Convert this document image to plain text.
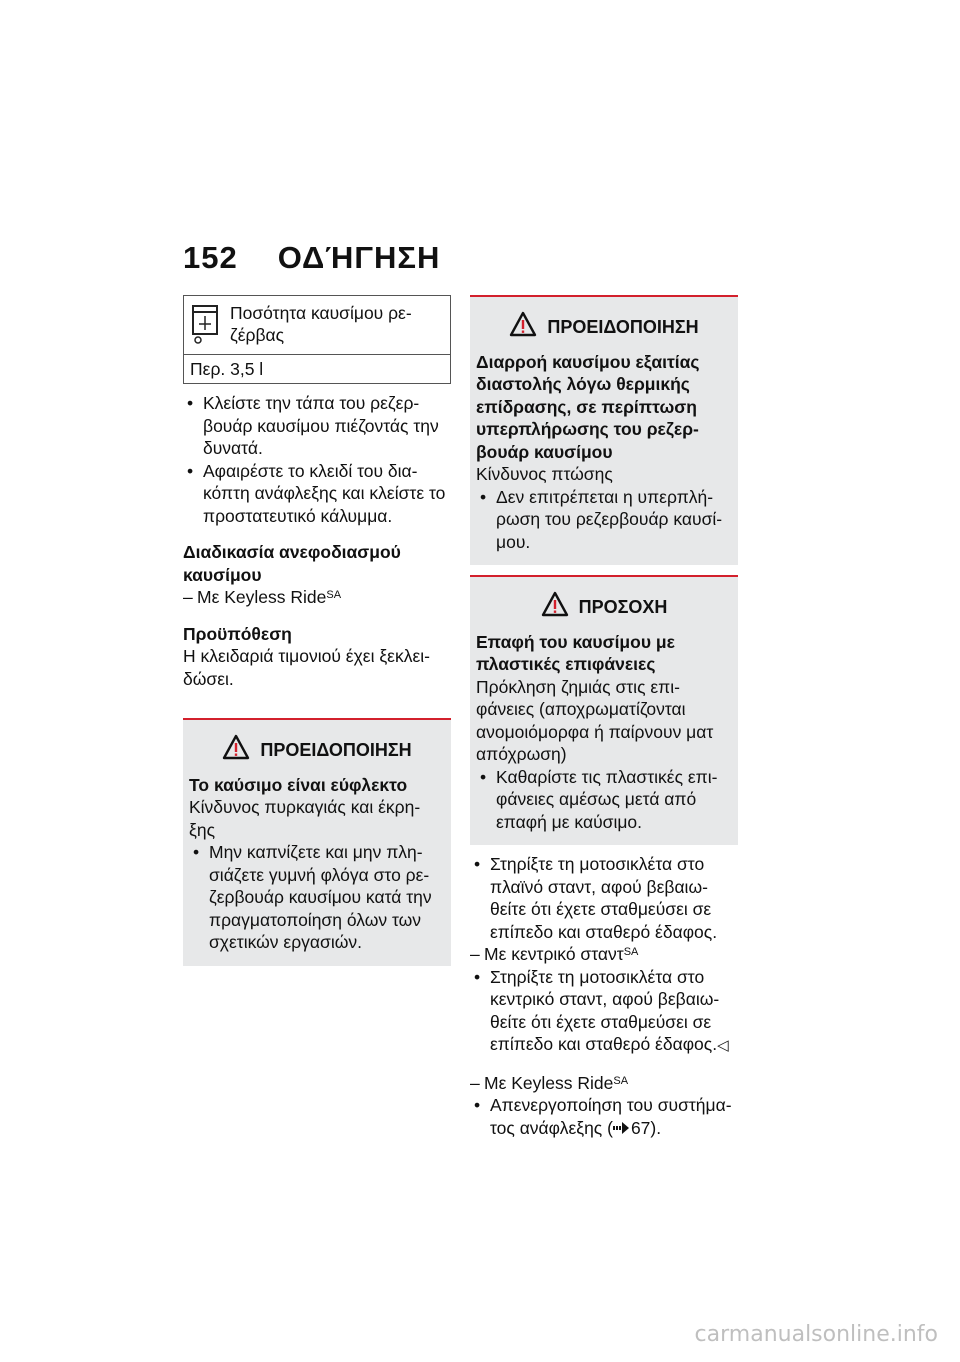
152 ΟΔΉΓΗΣΗ
Ποσότητα καυσίμου ρε-
ζέρβας
Περ. 3,5 l
• Κλείστε την τάπα του ρεζερ-βουάρ καυσίμου πιέζοντάς την δυνατά.
• Αφαιρέστε το κλειδί του δια-κόπτη ανάφλεξης και κλείστε το προστατευτικό κάλυμμα.
Διαδικασία ανεφοδιασμού καυσίμου
– Με Keyless Ride$^{SA}$
Προϋπόθεση
Η κλειδαριά τιμονιού έχει ξεκλει-δώσει.
ΠΡΟΕΙΔΟΠΟΙΗΣΗ
Το καύσιμο είναι εύφλεκτο
Κίνδυνος πυρκαγιάς και έκρη-ξης
• Μην καπνίζετε και μην πλη-σιάζετε γυμνή φλόγα στο ρε-ζερβουάρ καυσίμου κατά την πραγματοποίηση όλων των σχετικών εργασιών.
ΠΡΟΕΙΔΟΠΟΙΗΣΗ
Διαρροή καυσίμου εξαιτίας διαστολής λόγω θερμικής επίδρασης, σε περίπτωση υπερπλήρωσης του ρεζερ-βουάρ καυσίμου
Κίνδυνος πτώσης
• Δεν επιτρέπεται η υπερπλή-ρωση του ρεζερβουάρ καυσί-μου.
ΠΡΟΣΟΧΗ
Επαφή του καυσίμου με πλαστικές επιφάνειες
Πρόκληση ζημιάς στις επι-φάνειες (αποχρωματίζονται ανομοιόμορφα ή παίρνουν ματ απόχρωση)
• Καθαρίστε τις πλαστικές επι-φάνειες αμέσως μετά από επαφή με καύσιμο.
• Στηρίξτε τη μοτοσικλέτα στο πλαϊνό σταντ, αφού βεβαιω-θείτε ότι έχετε σταθμεύσει σε επίπεδο και σταθερό έδαφος.
– Με κεντρικό σταντ$^{SA}$
• Στηρίξτε τη μοτοσικλέτα στο κεντρικό σταντ, αφού βεβαιω-θείτε ότι έχετε σταθμεύσει σε επίπεδο και σταθερό έδαφος.◁
– Με Keyless Ride$^{SA}$
• Απενεργοποίηση του συστήμα-τος ανάφλεξης ( 67).
carmanualsonline.info
